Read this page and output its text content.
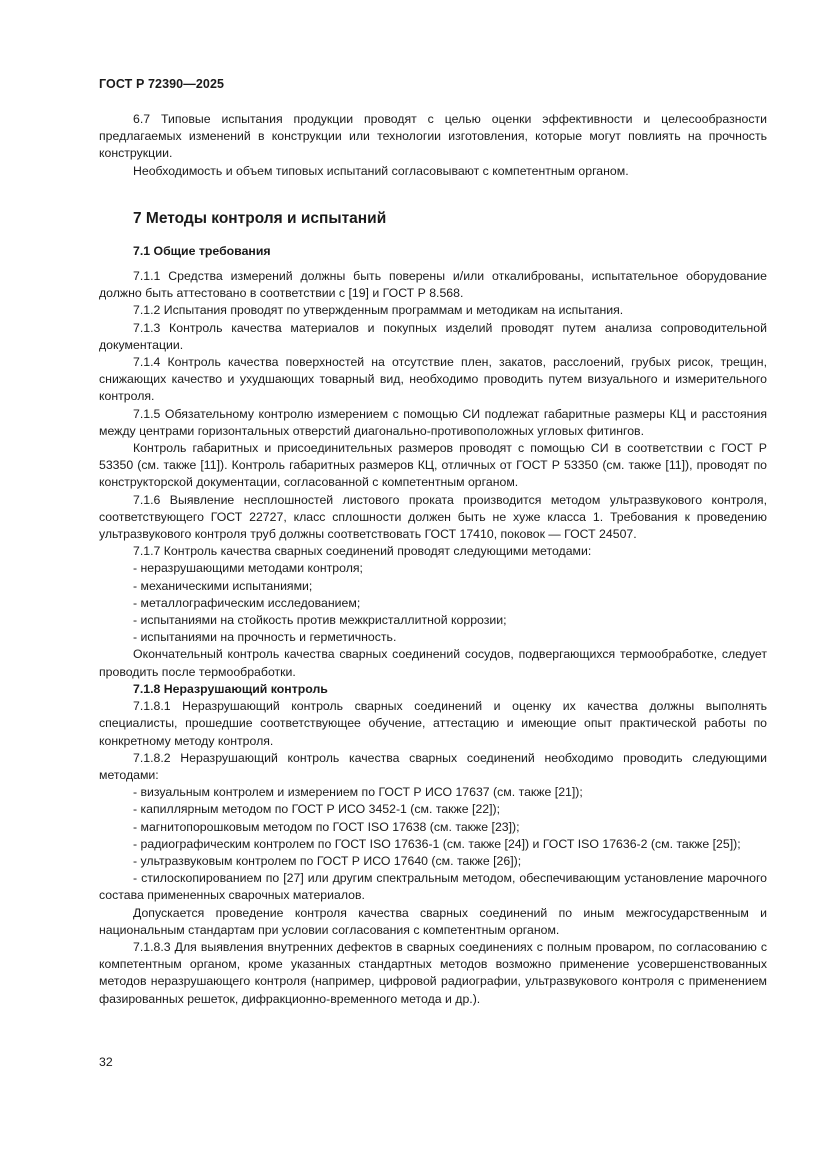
ГОСТ Р 72390—2025

6.7 Типовые испытания продукции проводят с целью оценки эффективности и целесообразности предлагаемых изменений в конструкции или технологии изготовления, которые могут повлиять на прочность конструкции.

Необходимость и объем типовых испытаний согласовывают с компетентным органом.

7 Методы контроля и испытаний

7.1 Общие требования

7.1.1 Средства измерений должны быть поверены и/или откалиброваны, испытательное оборудование должно быть аттестовано в соответствии с [19] и ГОСТ Р 8.568.

7.1.2 Испытания проводят по утвержденным программам и методикам на испытания.

7.1.3 Контроль качества материалов и покупных изделий проводят путем анализа сопроводительной документации.

7.1.4 Контроль качества поверхностей на отсутствие плен, закатов, расслоений, грубых рисок, трещин, снижающих качество и ухудшающих товарный вид, необходимо проводить путем визуального и измерительного контроля.

7.1.5 Обязательному контролю измерением с помощью СИ подлежат габаритные размеры КЦ и расстояния между центрами горизонтальных отверстий диагонально-противоположных угловых фитингов.

Контроль габаритных и присоединительных размеров проводят с помощью СИ в соответствии с ГОСТ Р 53350 (см. также [11]). Контроль габаритных размеров КЦ, отличных от ГОСТ Р 53350 (см. также [11]), проводят по конструкторской документации, согласованной с компетентным органом.

7.1.6 Выявление несплошностей листового проката производится методом ультразвукового контроля, соответствующего ГОСТ 22727, класс сплошности должен быть не хуже класса 1. Требования к проведению ультразвукового контроля труб должны соответствовать ГОСТ 17410, поковок — ГОСТ 24507.

7.1.7 Контроль качества сварных соединений проводят следующими методами:

- неразрушающими методами контроля;

- механическими испытаниями;

- металлографическим исследованием;

- испытаниями на стойкость против межкристаллитной коррозии;

- испытаниями на прочность и герметичность.

Окончательный контроль качества сварных соединений сосудов, подвергающихся термообработке, следует проводить после термообработки.

7.1.8 Неразрушающий контроль

7.1.8.1 Неразрушающий контроль сварных соединений и оценку их качества должны выполнять специалисты, прошедшие соответствующее обучение, аттестацию и имеющие опыт практической работы по конкретному методу контроля.

7.1.8.2 Неразрушающий контроль качества сварных соединений необходимо проводить следующими методами:

- визуальным контролем и измерением по ГОСТ Р ИСО 17637 (см. также [21]);

- капиллярным методом по ГОСТ Р ИСО 3452-1 (см. также [22]);

- магнитопорошковым методом по ГОСТ ISO 17638 (см. также [23]);

- радиографическим контролем по ГОСТ ISO 17636-1 (см. также [24]) и ГОСТ ISO 17636-2 (см. также [25]);

- ультразвуковым контролем по ГОСТ Р ИСО 17640 (см. также [26]);

- стилоскопированием по [27] или другим спектральным методом, обеспечивающим установление марочного состава примененных сварочных материалов.

Допускается проведение контроля качества сварных соединений по иным межгосударственным и национальным стандартам при условии согласования с компетентным органом.

7.1.8.3 Для выявления внутренних дефектов в сварных соединениях с полным проваром, по согласованию с компетентным органом, кроме указанных стандартных методов возможно применение усовершенствованных методов неразрушающего контроля (например, цифровой радиографии, ультразвукового контроля с применением фазированных решеток, дифракционно-временного метода и др.).

32
